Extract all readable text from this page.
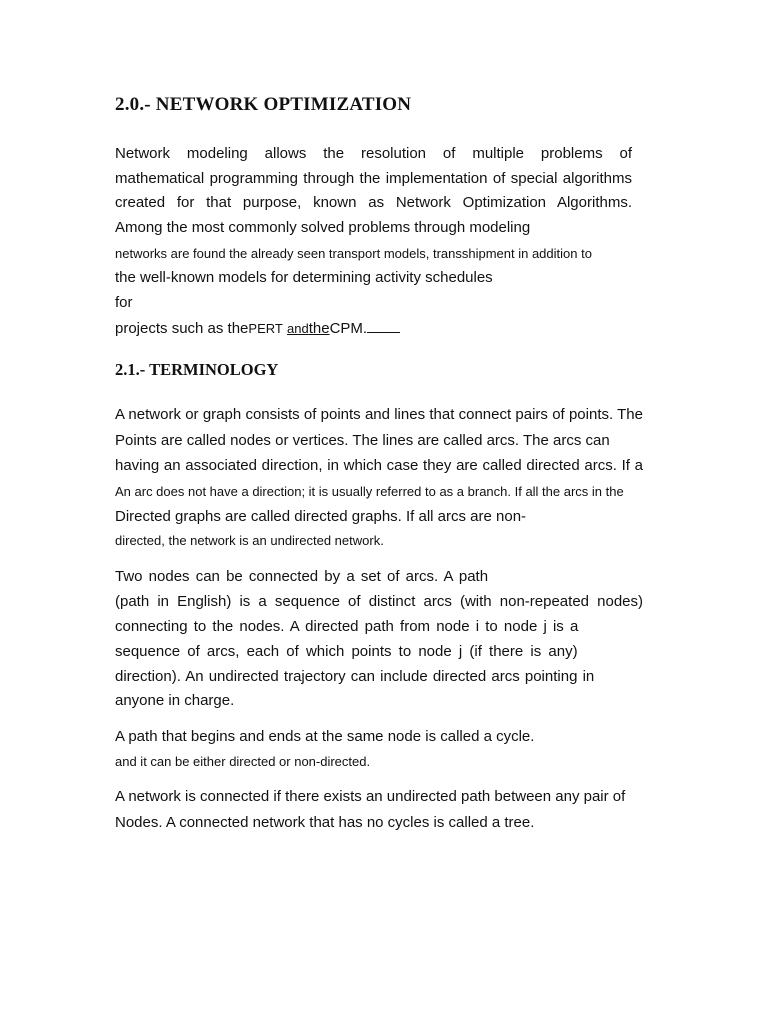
2.0.- NETWORK OPTIMIZATION

Network modeling allows the resolution of multiple problems of

mathematical programming through the implementation of special algorithms

created for that purpose, known as Network Optimization Algorithms.

Among the most commonly solved problems through modeling

networks are found the already seen transport models, transshipment in addition to

the well-known models for determining activity schedules

for

projects such as thePERT andtheCPM.

2.1.- TERMINOLOGY

A network or graph consists of points and lines that connect pairs of points. The

Points are called nodes or vertices. The lines are called arcs. The arcs can

having an associated direction, in which case they are called directed arcs. If a

An arc does not have a direction; it is usually referred to as a branch. If all the arcs in the

Directed graphs are called directed graphs. If all arcs are non-

directed, the network is an undirected network.

Two nodes can be connected by a set of arcs. A path

(path in English) is a sequence of distinct arcs (with non-repeated nodes)

connecting to the nodes. A directed path from node i to node j is a

sequence of arcs, each of which points to node j (if there is any)

direction). An undirected trajectory can include directed arcs pointing in

anyone in charge.

A path that begins and ends at the same node is called a cycle.

and it can be either directed or non-directed.

A network is connected if there exists an undirected path between any pair of

Nodes. A connected network that has no cycles is called a tree.
